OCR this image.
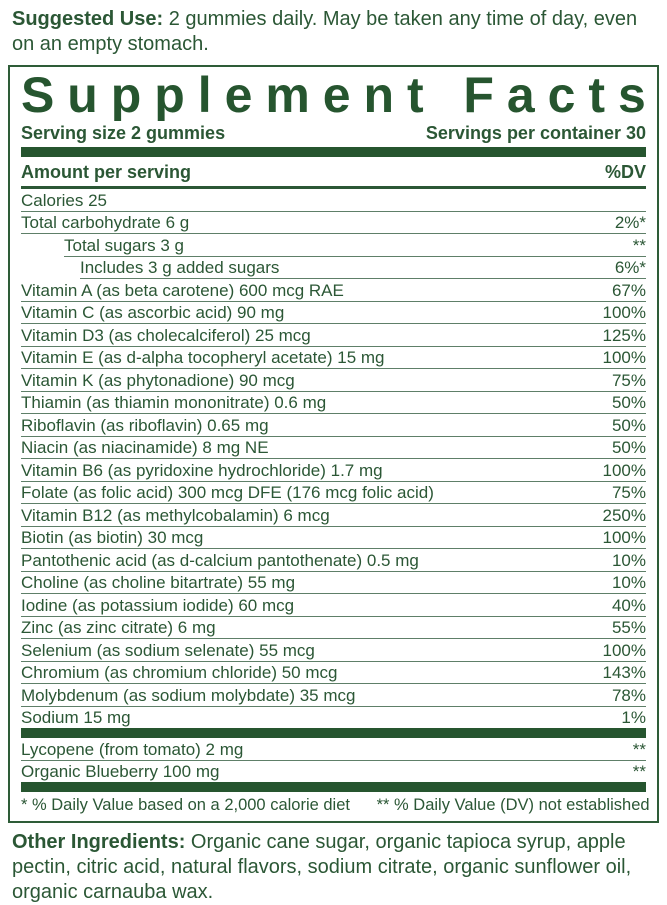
Suggested Use: 2 gummies daily. May be taken any time of day, even on an empty stomach.
S u p p l e m e n t
F a c t s
Serving size 2 gummies	Servings per container 30
Amount per serving	%DV
Calories 25
Total carbohydrate 6 g	2%*
Total sugars 3 g	**
Includes 3 g added sugars	6%*
Vitamin A (as beta carotene) 600 mcg RAE	67%
Vitamin C (as ascorbic acid) 90 mg	100%
Vitamin D3 (as cholecalciferol) 25 mcg	125%
Vitamin E (as d-alpha tocopheryl acetate) 15 mg	100%
Vitamin K (as phytonadione) 90 mcg	75%
Thiamin (as thiamin mononitrate) 0.6 mg	50%
Riboflavin (as riboflavin) 0.65 mg	50%
Niacin (as niacinamide) 8 mg NE	50%
Vitamin B6 (as pyridoxine hydrochloride) 1.7 mg	100%
Folate (as folic acid) 300 mcg DFE (176 mcg folic acid)	75%
Vitamin B12 (as methylcobalamin) 6 mcg	250%
Biotin (as biotin) 30 mcg	100%
Pantothenic acid (as d-calcium pantothenate) 0.5 mg	10%
Choline (as choline bitartrate) 55 mg	10%
Iodine (as potassium iodide) 60 mcg	40%
Zinc (as zinc citrate) 6 mg	55%
Selenium (as sodium selenate) 55 mcg	100%
Chromium (as chromium chloride) 50 mcg	143%
Molybdenum (as sodium molybdate) 35 mcg	78%
Sodium 15 mg	1%
Lycopene (from tomato) 2 mg	**
Organic Blueberry 100 mg	**
* % Daily Value based on a 2,000 calorie diet ** % Daily Value (DV) not established
Other Ingredients: Organic cane sugar, organic tapioca syrup, apple pectin, citric acid, natural flavors, sodium citrate, organic sunflower oil, organic carnauba wax.
